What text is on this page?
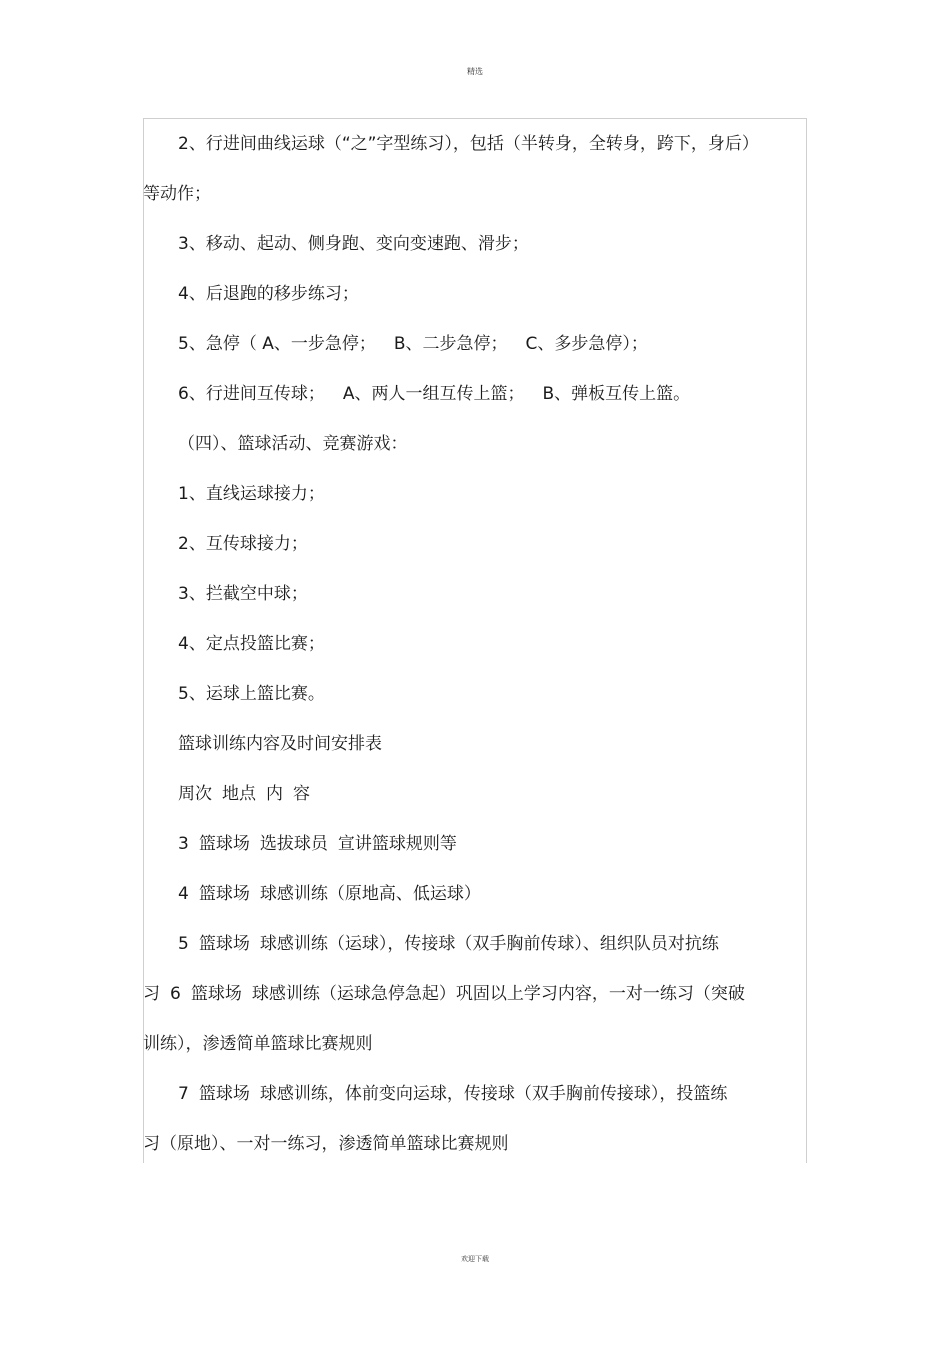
精选
2、行进间曲线运球（“之”字型练习），包括（半转身，全转身，跨下，身后）
等动作；
3、移动、起动、侧身跑、变向变速跑、滑步；
4、后退跑的移步练习；
5、急停（ A、一步急停； B、二步急停； C、多步急停）；
6、行进间互传球； A、两人一组互传上篮； B、弹板互传上篮。
（四）、篮球活动、竞赛游戏：
1、直线运球接力；
2、互传球接力；
3、拦截空中球；
4、定点投篮比赛；
5、运球上篮比赛。
篮球训练内容及时间安排表
周次 地点 内 容
3 篮球场 选拔球员 宣讲篮球规则等
4 篮球场 球感训练（原地高、低运球）
5 篮球场 球感训练（运球），传接球（双手胸前传球）、组织队员对抗练
习 6 篮球场 球感训练（运球急停急起）巩固以上学习内容，一对一练习（突破
训练），渗透简单篮球比赛规则
7 篮球场 球感训练，体前变向运球，传接球（双手胸前传接球），投篮练
习（原地）、一对一练习，渗透简单篮球比赛规则
欢迎下载
